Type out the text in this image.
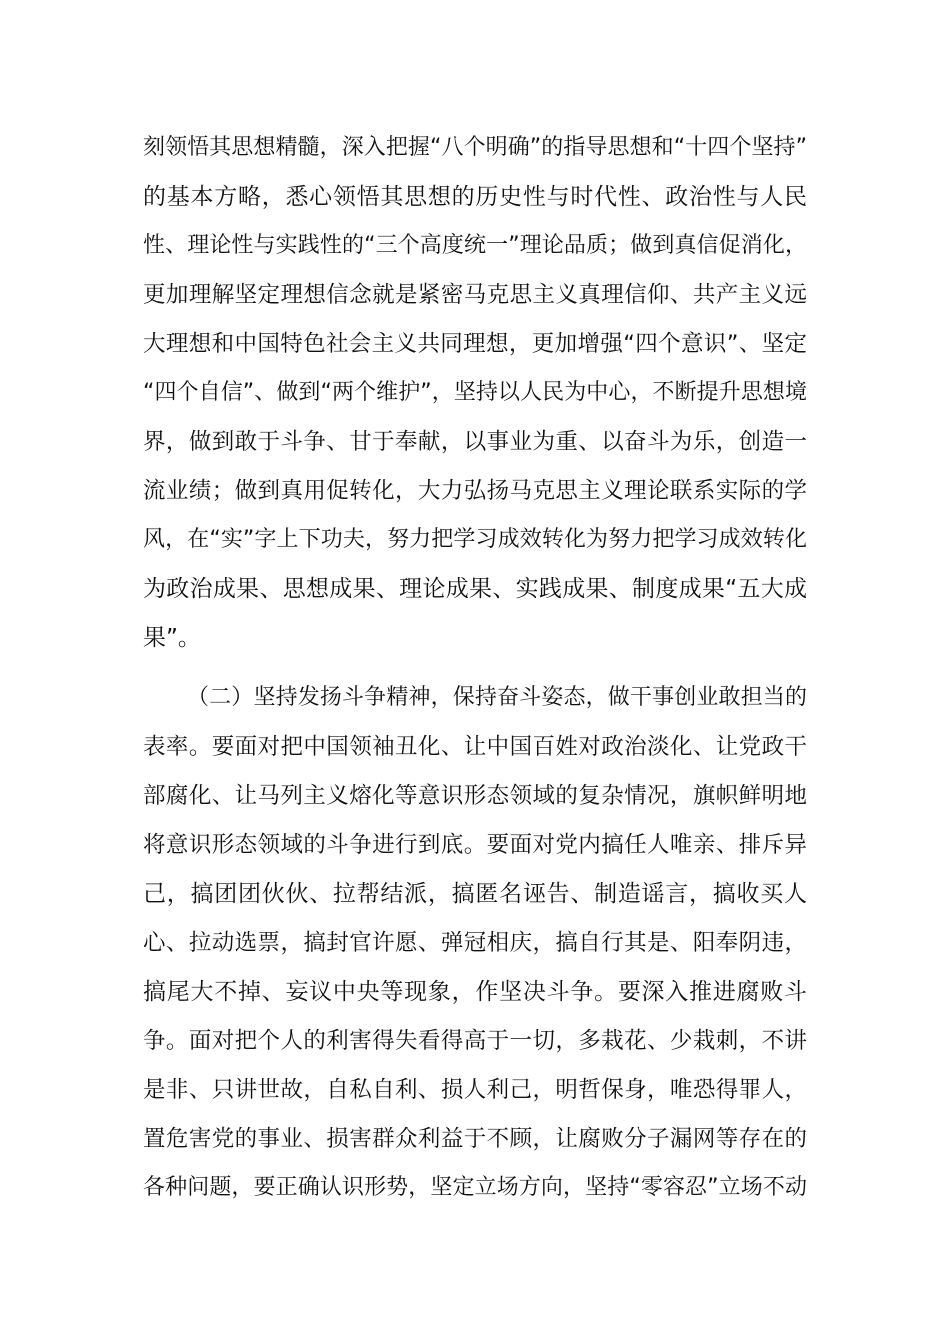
刻领悟其思想精髓，深入把握“八个明确”的指导思想和“十四个坚持”
的基本方略，悉心领悟其思想的历史性与时代性、政治性与人民
性、理论性与实践性的“三个高度统一”理论品质；做到真信促消化，
更加理解坚定理想信念就是紧密马克思主义真理信仰、共产主义远
大理想和中国特色社会主义共同理想，更加增强“四个意识”、坚定
“四个自信”、做到“两个维护”，坚持以人民为中心，不断提升思想境
界，做到敢于斗争、甘于奉献，以事业为重、以奋斗为乐，创造一
流业绩；做到真用促转化，大力弘扬马克思主义理论联系实际的学
风，在“实”字上下功夫，努力把学习成效转化为努力把学习成效转化
为政治成果、思想成果、理论成果、实践成果、制度成果“五大成
果”。
（二）坚持发扬斗争精神，保持奋斗姿态，做干事创业敢担当的
表率。要面对把中国领袖丑化、让中国百姓对政治淡化、让党政干
部腐化、让马列主义熔化等意识形态领域的复杂情况，旗帜鲜明地
将意识形态领域的斗争进行到底。要面对党内搞任人唯亲、排斥异
己，搞团团伙伙、拉帮结派，搞匿名诬告、制造谣言，搞收买人
心、拉动选票，搞封官许愿、弹冠相庆，搞自行其是、阳奉阴违，
搞尾大不掉、妄议中央等现象，作坚决斗争。要深入推进腐败斗
争。面对把个人的利害得失看得高于一切，多栽花、少栽刺，不讲
是非、只讲世故，自私自利、损人利己，明哲保身，唯恐得罪人，
置危害党的事业、损害群众利益于不顾，让腐败分子漏网等存在的
各种问题，要正确认识形势，坚定立场方向，坚持“零容忍”立场不动
